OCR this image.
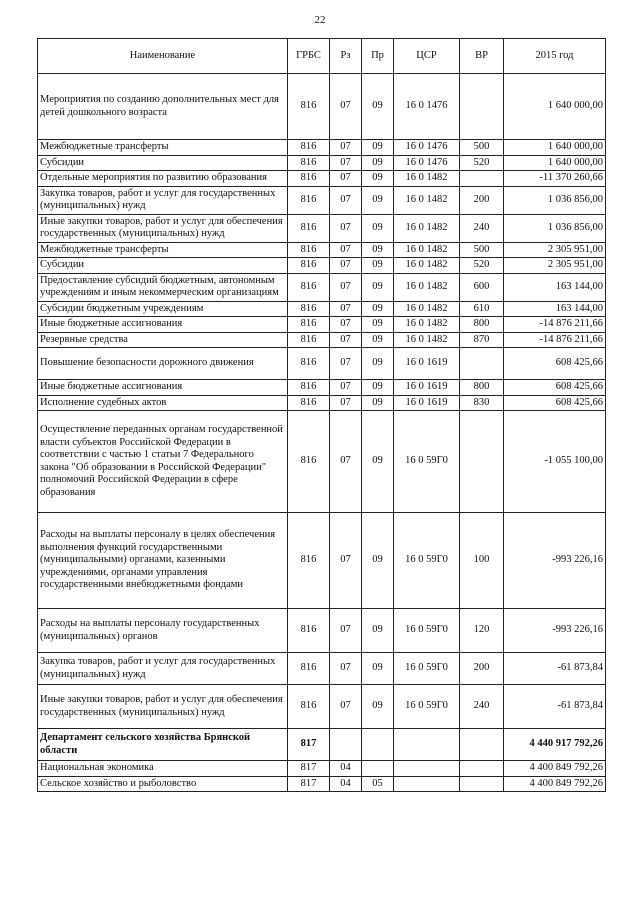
22
Наименование	ГРБС	Рз	Пр	ЦСР	ВР	2015 год
Мероприятия по созданию дополнительных мест для детей дошкольного возраста	816	07	09	16 0 1476		1 640 000,00
Межбюджетные трансферты	816	07	09	16 0 1476	500	1 640 000,00
Субсидии	816	07	09	16 0 1476	520	1 640 000,00
Отдельные мероприятия по развитию образования	816	07	09	16 0 1482		-11 370 260,66
Закупка товаров, работ и услуг для государственных (муниципальных) нужд	816	07	09	16 0 1482	200	1 036 856,00
Иные закупки товаров, работ и услуг для обеспечения государственных (муниципальных) нужд	816	07	09	16 0 1482	240	1 036 856,00
Межбюджетные трансферты	816	07	09	16 0 1482	500	2 305 951,00
Субсидии	816	07	09	16 0 1482	520	2 305 951,00
Предоставление субсидий бюджетным, автономным учреждениям и иным некоммерческим организациям	816	07	09	16 0 1482	600	163 144,00
Субсидии бюджетным учреждениям	816	07	09	16 0 1482	610	163 144,00
Иные бюджетные ассигнования	816	07	09	16 0 1482	800	-14 876 211,66
Резервные средства	816	07	09	16 0 1482	870	-14 876 211,66
Повышение безопасности дорожного движения	816	07	09	16 0 1619		608 425,66
Иные бюджетные ассигнования	816	07	09	16 0 1619	800	608 425,66
Исполнение судебных актов	816	07	09	16 0 1619	830	608 425,66
Осуществление переданных органам государственной власти субъектов Российской Федерации в соответствии с частью 1 статьи 7 Федерального закона "Об образовании в Российской Федерации" полномочий Российской Федерации в сфере образования	816	07	09	16 0 59Г0		-1 055 100,00
Расходы на выплаты персоналу в целях обеспечения выполнения функций государственными (муниципальными) органами, казенными учреждениями, органами управления государственными внебюджетными фондами	816	07	09	16 0 59Г0	100	-993 226,16
Расходы на выплаты персоналу государственных (муниципальных) органов	816	07	09	16 0 59Г0	120	-993 226,16
Закупка товаров, работ и услуг для государственных (муниципальных) нужд	816	07	09	16 0 59Г0	200	-61 873,84
Иные закупки товаров, работ и услуг для обеспечения государственных (муниципальных) нужд	816	07	09	16 0 59Г0	240	-61 873,84
Департамент сельского хозяйства Брянской области	817					4 440 917 792,26
Национальная экономика	817	04				4 400 849 792,26
Сельское хозяйство и рыболовство	817	04	05			4 400 849 792,26
